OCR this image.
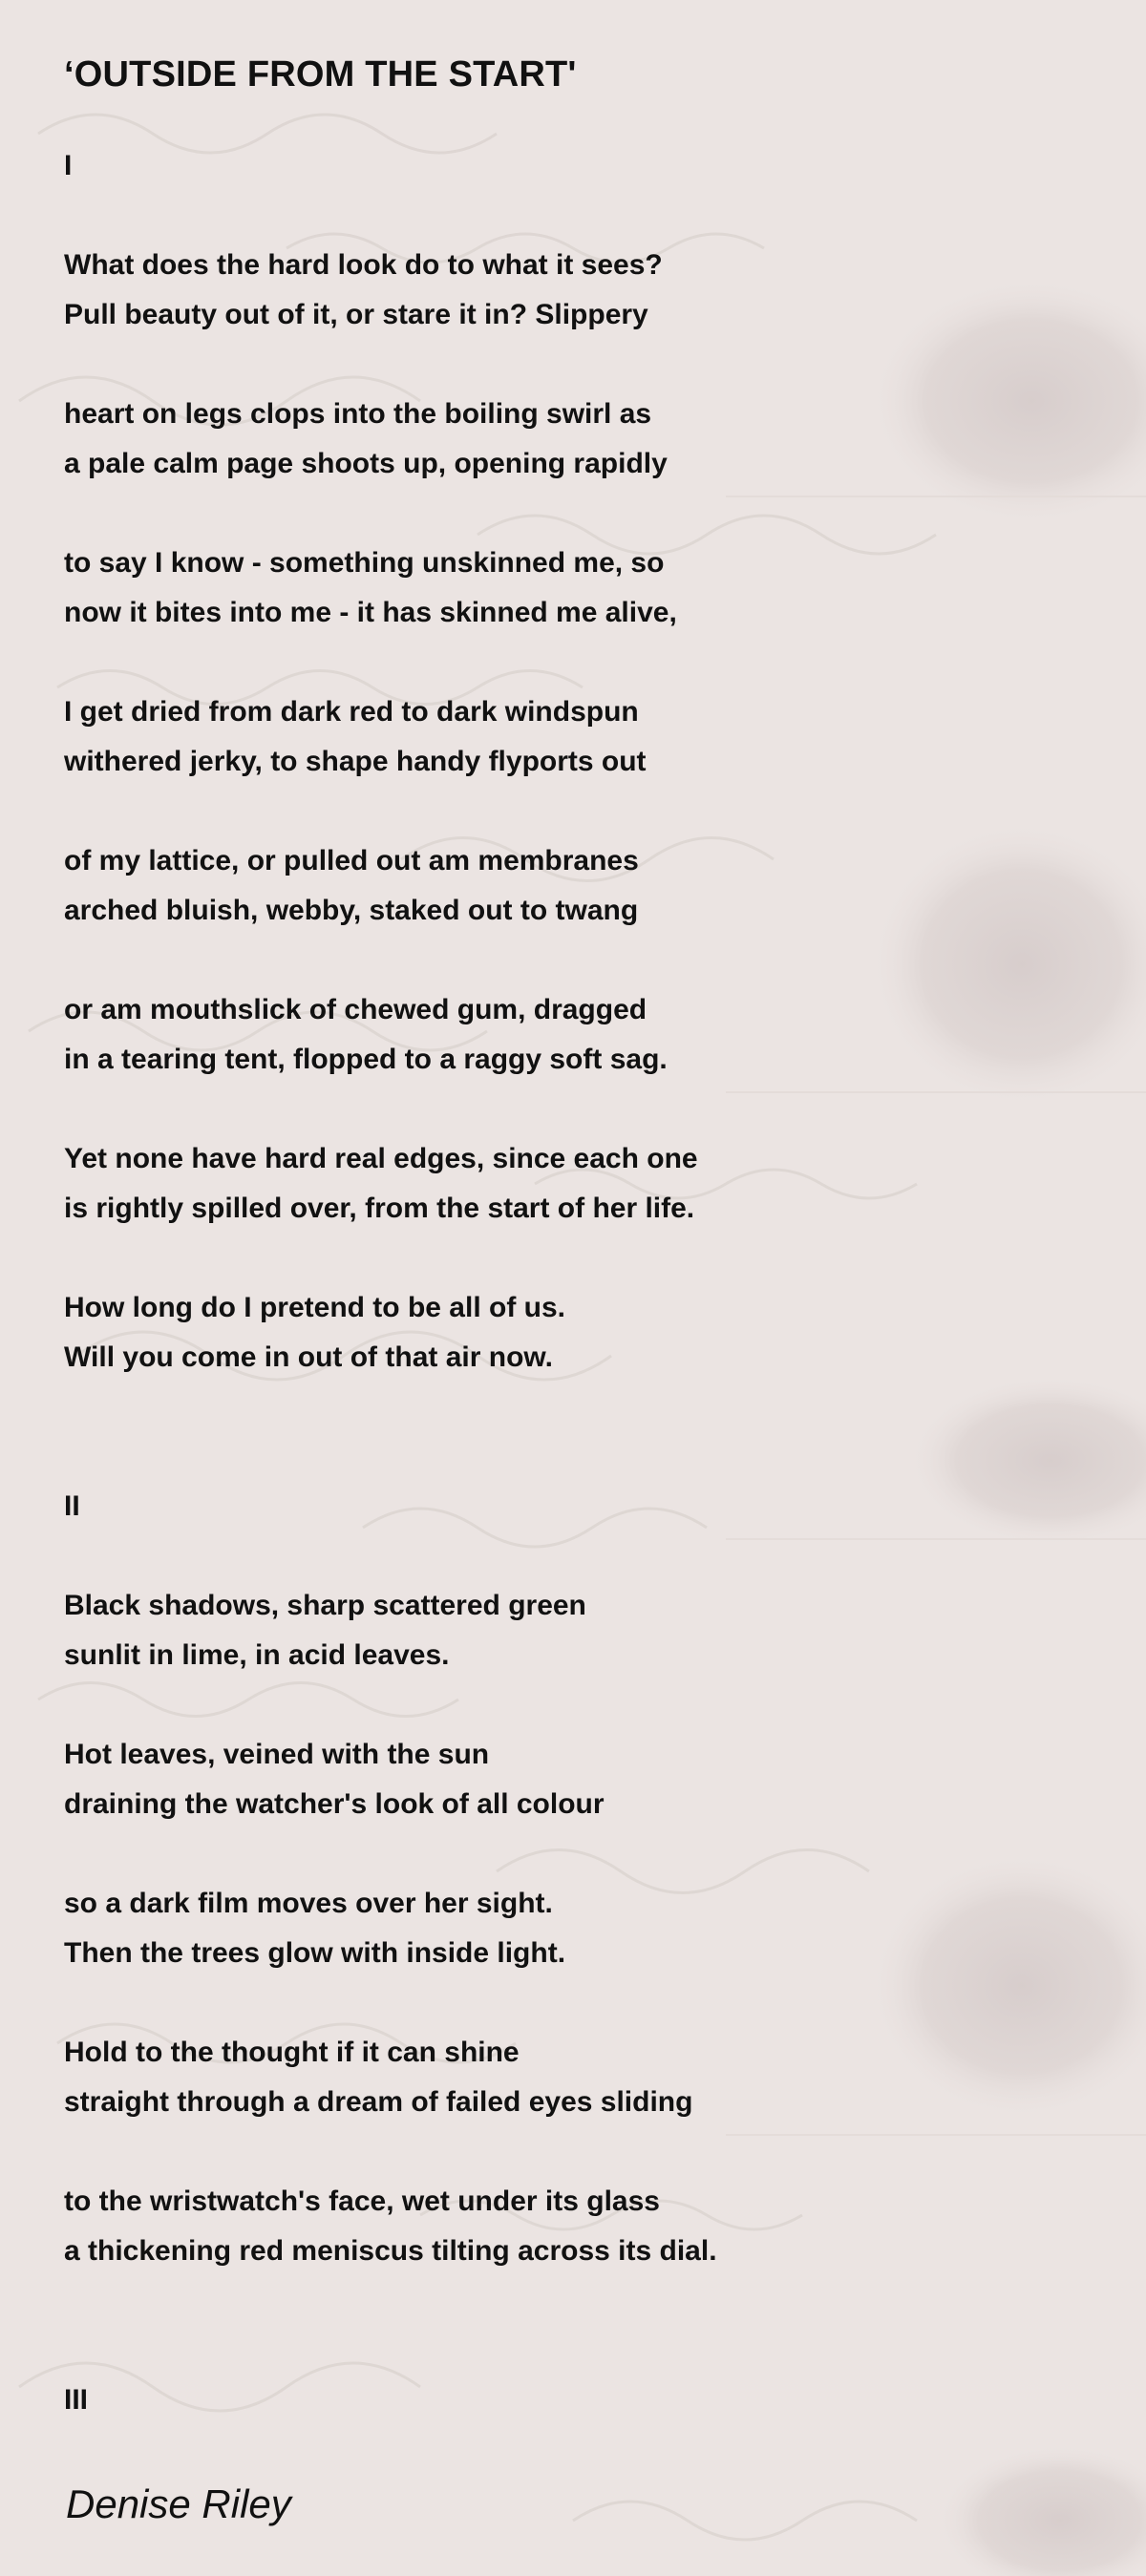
‘OUTSIDE FROM THE START'

I

What does the hard look do to what it sees?
Pull beauty out of it, or stare it in? Slippery
heart on legs clops into the boiling swirl as
a pale calm page shoots up, opening rapidly
to say I know - something unskinned me, so
now it bites into me - it has skinned me alive,
I get dried from dark red to dark windspun
withered jerky, to shape handy flyports out
of my lattice, or pulled out am membranes
arched bluish, webby, staked out to twang
or am mouthslick of chewed gum, dragged
in a tearing tent, flopped to a raggy soft sag.
Yet none have hard real edges, since each one
is rightly spilled over, from the start of her life.
How long do I pretend to be all of us.
Will you come in out of that air now.

II

Black shadows, sharp scattered green
sunlit in lime, in acid leaves.
Hot leaves, veined with the sun
draining the watcher's look of all colour
so a dark film moves over her sight.
Then the trees glow with inside light.
Hold to the thought if it can shine
straight through a dream of failed eyes sliding
to the wristwatch's face, wet under its glass
a thickening red meniscus tilting across its dial.

III

Denise Riley
